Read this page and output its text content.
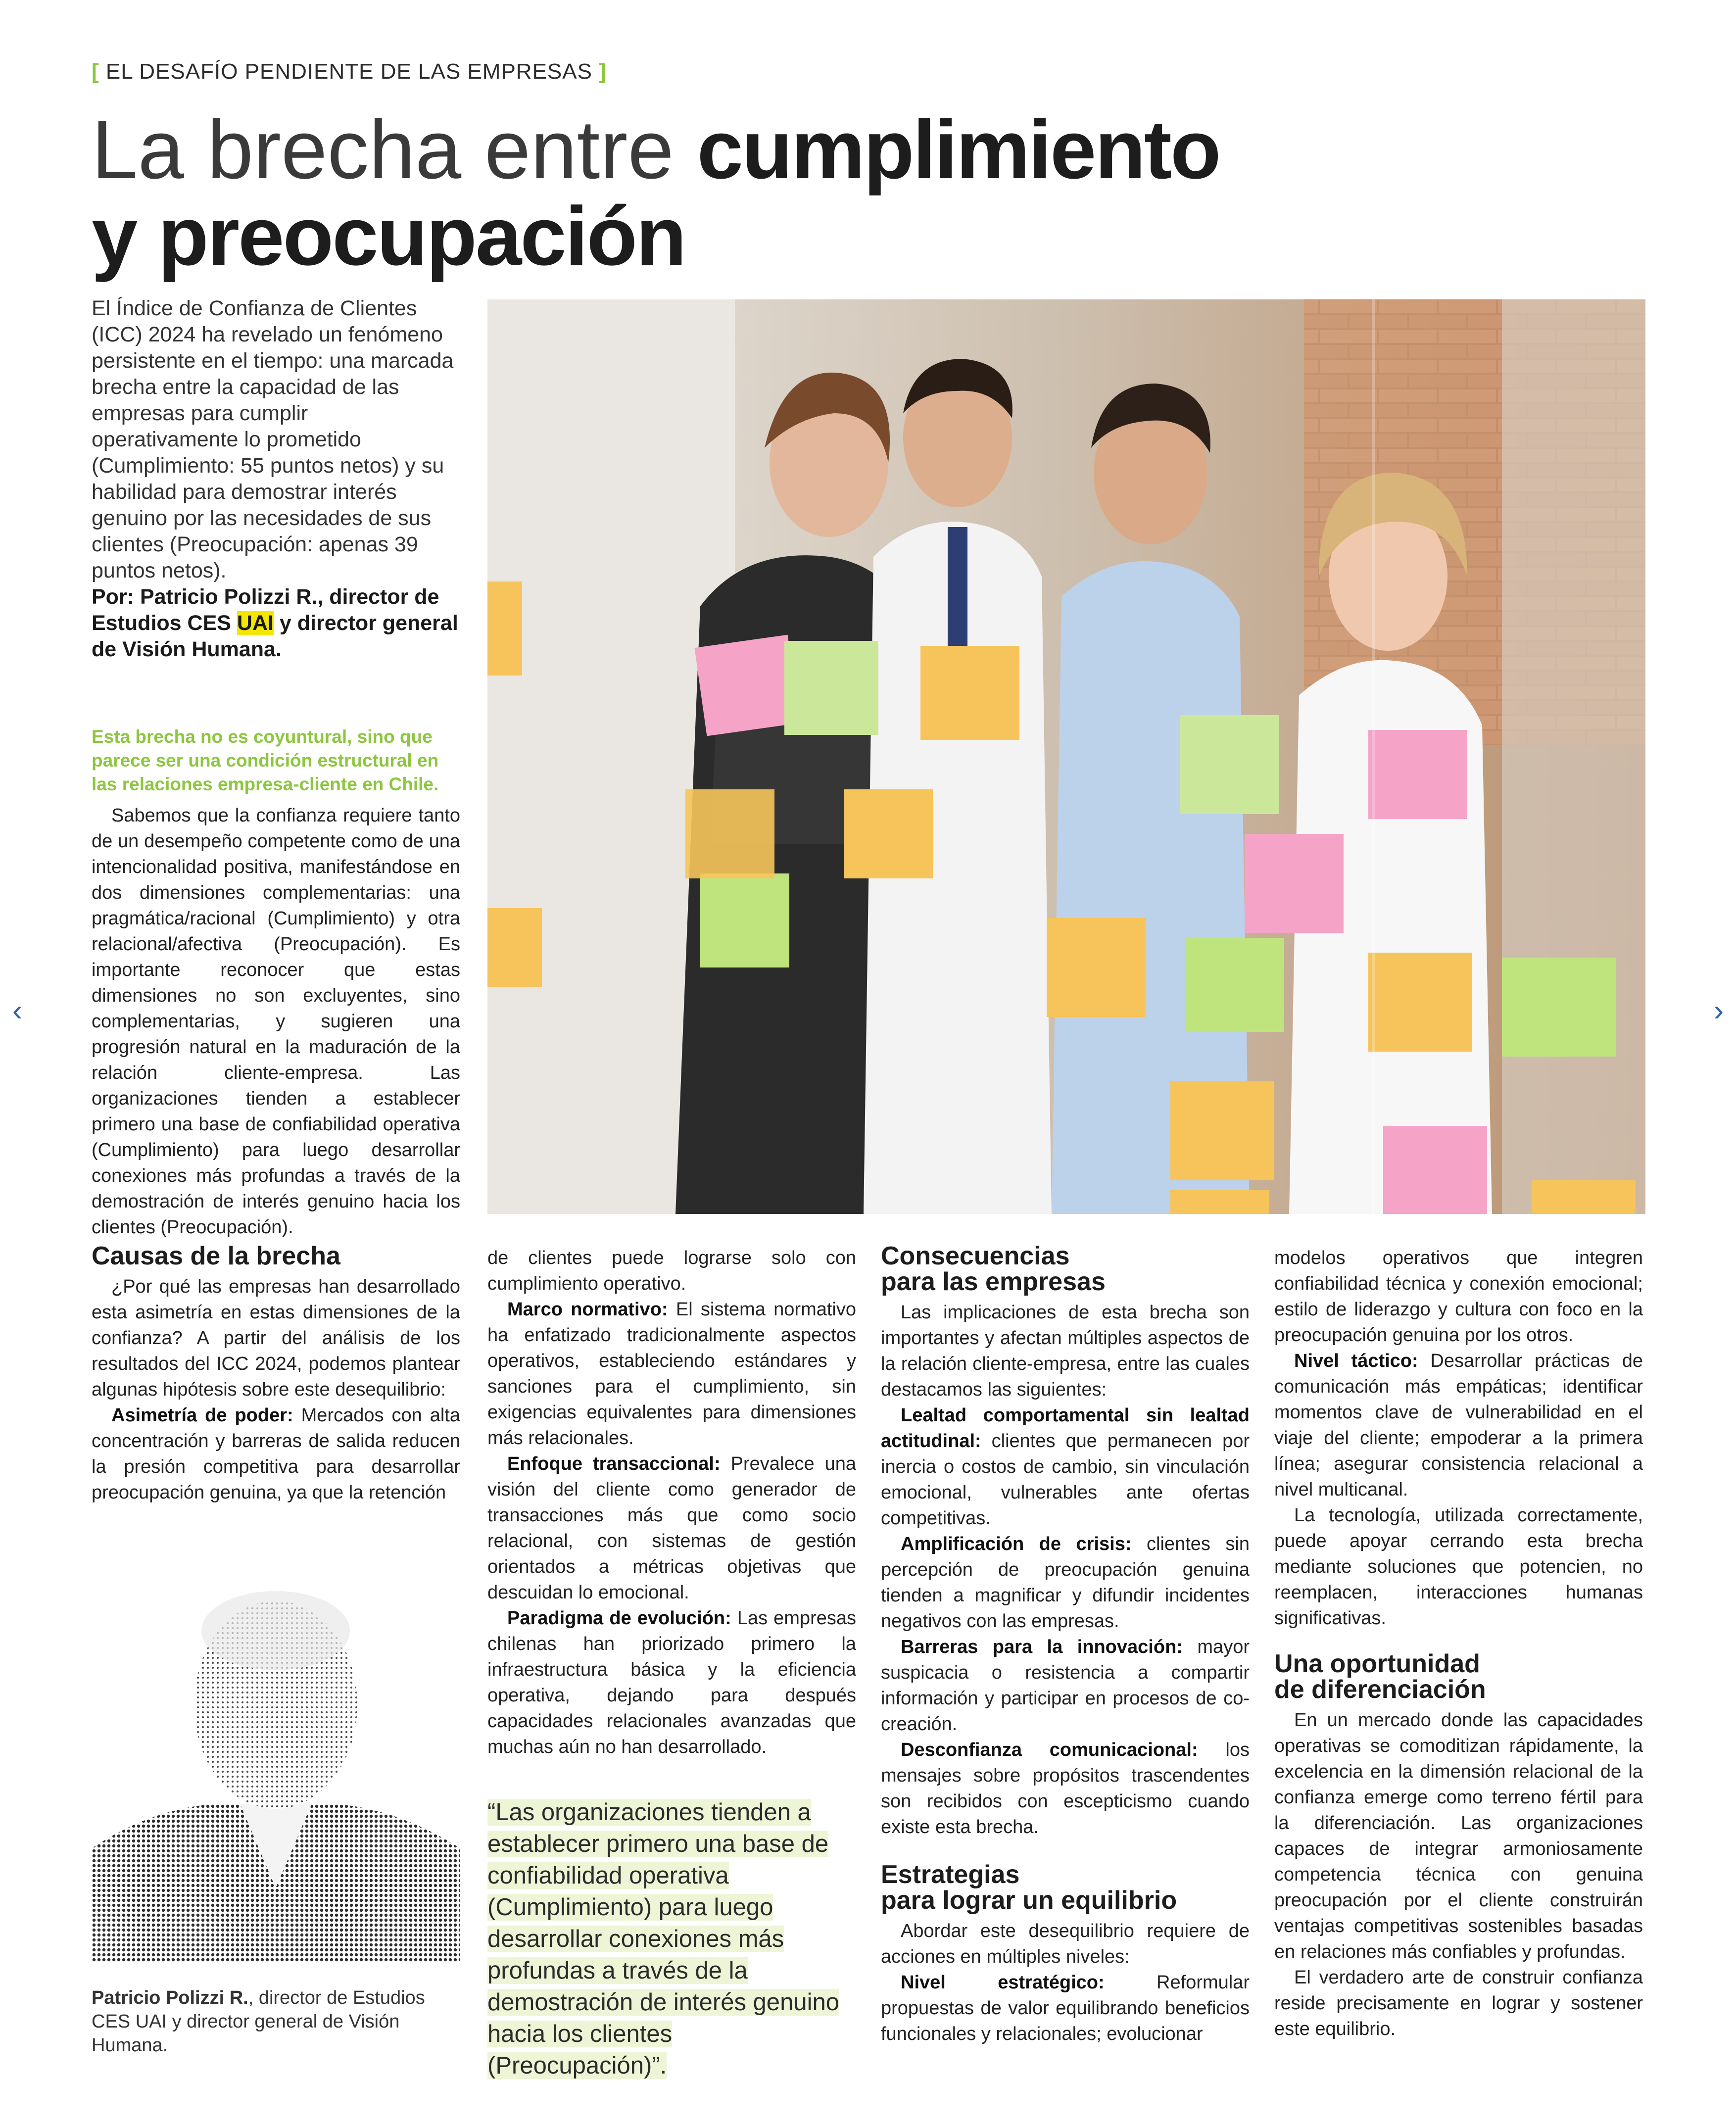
[ EL DESAFÍO PENDIENTE DE LAS EMPRESAS ]
La brecha entre cumplimiento
y preocupación
El Índice de Confianza de Clientes (ICC) 2024 ha revelado un fenómeno persistente en el tiempo: una marcada brecha entre la capacidad de las empresas para cumplir operativamente lo prometido (Cumplimiento: 55 puntos netos) y su habilidad para demostrar interés genuino por las necesidades de sus clientes (Preocupación: apenas 39 puntos netos).
Por: Patricio Polizzi R., director de Estudios CES UAI y director general de Visión Humana.
Esta brecha no es coyuntural, sino que parece ser una condición estructural en las relaciones empresa-cliente en Chile.

Sabemos que la confianza requiere tanto de un desempeño competente como de una intencionalidad positiva, manifestándose en dos dimensiones complementarias: una pragmática/racional (Cumplimiento) y otra relacional/afectiva (Preocupación). Es importante reconocer que estas dimensiones no son excluyentes, sino complementarias, y sugieren una progresión natural en la maduración de la relación cliente-empresa. Las organizaciones tienden a establecer primero una base de confiabilidad operativa (Cumplimiento) para luego desarrollar conexiones más profundas a través de la demostración de interés genuino hacia los clientes (Preocupación).

Causas de la brecha

¿Por qué las empresas han desarrollado esta asimetría en estas dimensiones de la confianza? A partir del análisis de los resultados del ICC 2024, podemos plantear algunas hipótesis sobre este desequilibrio:

Asimetría de poder: Mercados con alta concentración y barreras de salida reducen la presión competitiva para desarrollar preocupación genuina, ya que la retención

Patricio Polizzi R., director de Estudios CES UAI y director general de Visión Humana.

de clientes puede lograrse solo con cumplimiento operativo.

Marco normativo: El sistema normativo ha enfatizado tradicionalmente aspectos operativos, estableciendo estándares y sanciones para el cumplimiento, sin exigencias equivalentes para dimensiones más relacionales.

Enfoque transaccional: Prevalece una visión del cliente como generador de transacciones más que como socio relacional, con sistemas de gestión orientados a métricas objetivas que descuidan lo emocional.

Paradigma de evolución: Las empresas chilenas han priorizado primero la infraestructura básica y la eficiencia operativa, dejando para después capacidades relacionales avanzadas que muchas aún no han desarrollado.

“Las organizaciones tienden a establecer primero una base de confiabilidad operativa (Cumplimiento) para luego desarrollar conexiones más profundas a través de la demostración de interés genuino hacia los clientes (Preocupación)”.
Consecuencias
para las empresas

Las implicaciones de esta brecha son importantes y afectan múltiples aspectos de la relación cliente-empresa, entre las cuales destacamos las siguientes:

Lealtad comportamental sin lealtad actitudinal: clientes que permanecen por inercia o costos de cambio, sin vinculación emocional, vulnerables ante ofertas competitivas.

Amplificación de crisis: clientes sin percepción de preocupación genuina tienden a magnificar y difundir incidentes negativos con las empresas.

Barreras para la innovación: mayor suspicacia o resistencia a compartir información y participar en procesos de co-creación.

Desconfianza comunicacional: los mensajes sobre propósitos trascendentes son recibidos con escepticismo cuando existe esta brecha.

Estrategias
para lograr un equilibrio

Abordar este desequilibrio requiere de acciones en múltiples niveles:

Nivel estratégico: Reformular propuestas de valor equilibrando beneficios funcionales y relacionales; evolucionar

modelos operativos que integren confiabilidad técnica y conexión emocional; estilo de liderazgo y cultura con foco en la preocupación genuina por los otros.

Nivel táctico: Desarrollar prácticas de comunicación más empáticas; identificar momentos clave de vulnerabilidad en el viaje del cliente; empoderar a la primera línea; asegurar consistencia relacional a nivel multicanal.

La tecnología, utilizada correctamente, puede apoyar cerrando esta brecha mediante soluciones que potencien, no reemplacen, interacciones humanas significativas.

Una oportunidad
de diferenciación

En un mercado donde las capacidades operativas se comoditizan rápidamente, la excelencia en la dimensión relacional de la confianza emerge como terreno fértil para la diferenciación. Las organizaciones capaces de integrar armoniosamente competencia técnica con genuina preocupación por el cliente construirán ventajas competitivas sostenibles basadas en relaciones más confiables y profundas.

El verdadero arte de construir confianza reside precisamente en lograr y sostener este equilibrio.

‹	›
